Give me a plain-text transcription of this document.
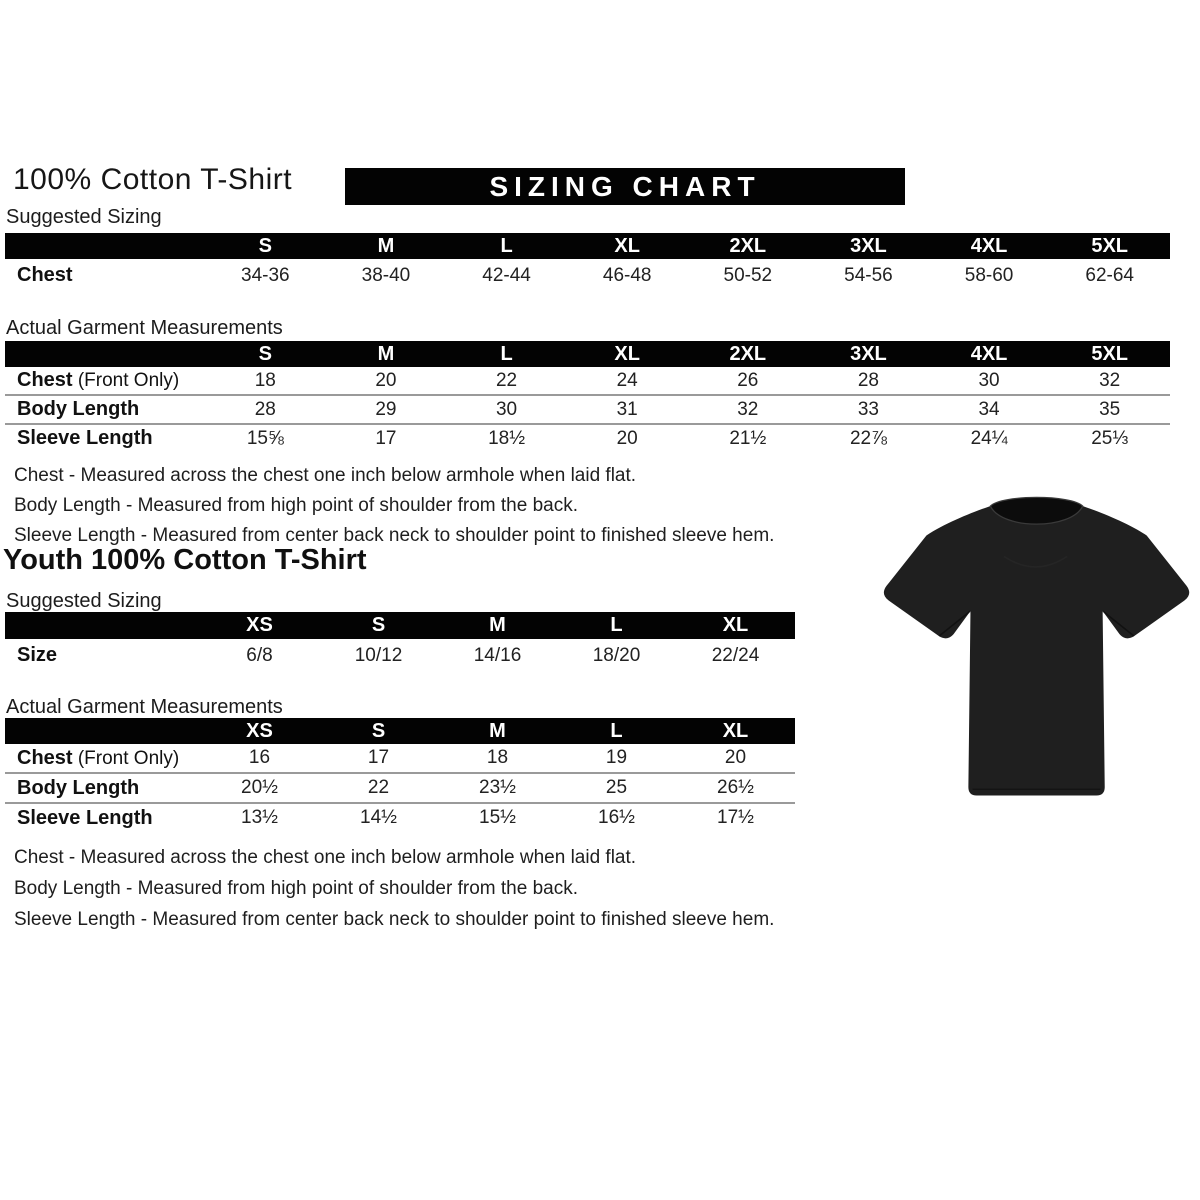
100% Cotton T-Shirt	SIZING CHART
Suggested Sizing
S	M	L	XL	2XL	3XL	4XL	5XL
Chest	34-36	38-40	42-44	46-48	50-52	54-56	58-60	62-64
Actual Garment Measurements
S	M	L	XL	2XL	3XL	4XL	5XL
Chest (Front Only)	18	20	22	24	26	28	30	32
Body Length	28	29	30	31	32	33	34	35
Sleeve Length	15⅝	17	18½	20	21½	22⅞	24¼	25⅓

Chest - Measured across the chest one inch below armhole when laid flat.

Body Length - Measured from high point of shoulder from the back.

Sleeve Length - Measured from center back neck to shoulder point to finished sleeve hem.

Youth 100% Cotton T-Shirt
Suggested Sizing
XS	S	M	L	XL
Size	6/8	10/12	14/16	18/20	22/24
Actual Garment Measurements
XS	S	M	L	XL
Chest (Front Only)	16	17	18	19	20
Body Length	20½	22	23½	25	26½
Sleeve Length	13½	14½	15½	16½	17½

Chest - Measured across the chest one inch below armhole when laid flat.

Body Length - Measured from high point of shoulder from the back.

Sleeve Length - Measured from center back neck to shoulder point to finished sleeve hem.
